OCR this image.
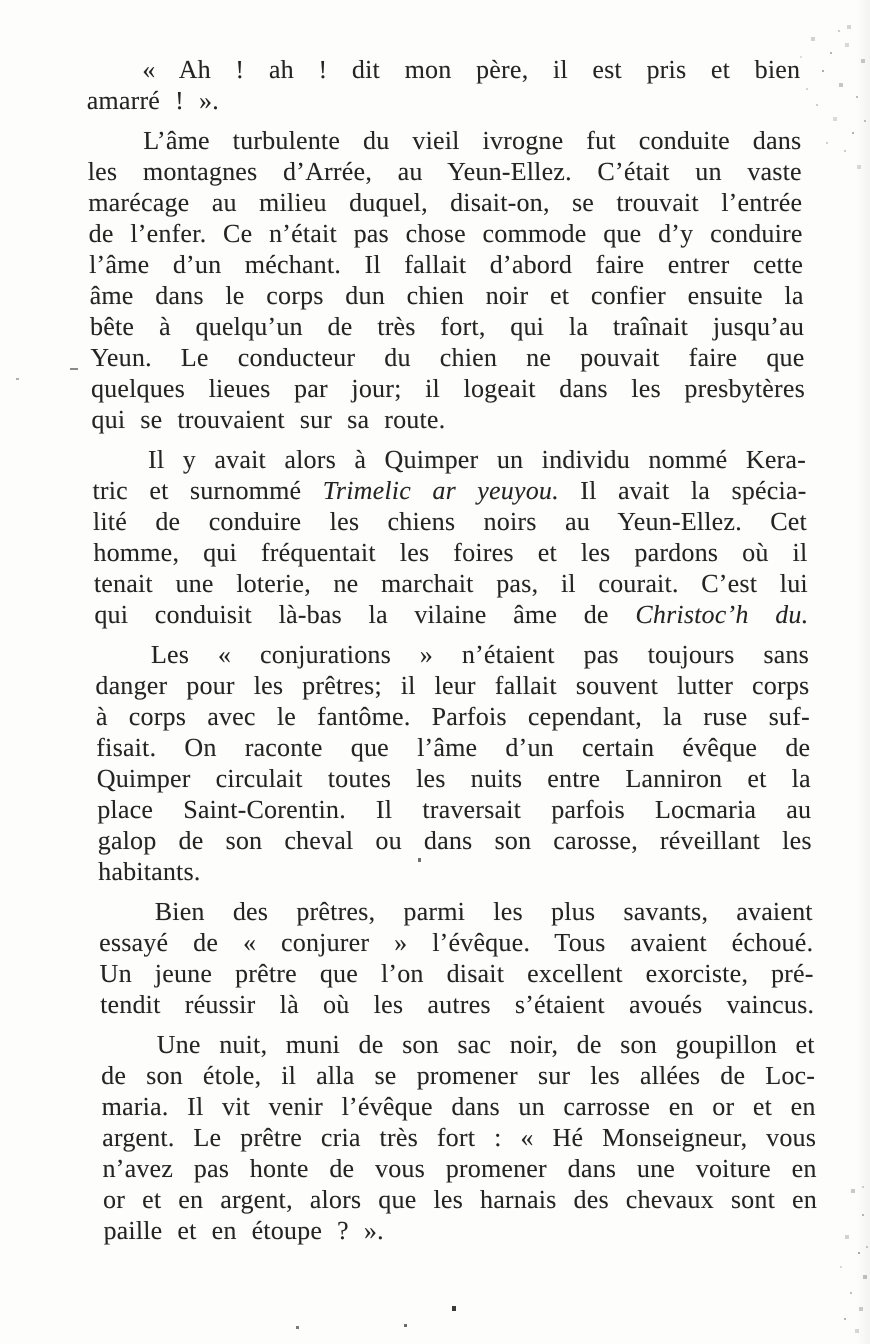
« Ah ! ah ! dit mon père, il est pris et bien
amarré ! ».
L’âme turbulente du vieil ivrogne fut conduite dans
les montagnes d’Arrée, au Yeun-Ellez. C’était un vaste
marécage au milieu duquel, disait-on, se trouvait l’entrée
de l’enfer. Ce n’était pas chose commode que d’y conduire
l’âme d’un méchant. Il fallait d’abord faire entrer cette
âme dans le corps dun chien noir et confier ensuite la
bête à quelqu’un de très fort, qui la traînait jusqu’au
Yeun. Le conducteur du chien ne pouvait faire que
quelques lieues par jour; il logeait dans les presbytères
qui se trouvaient sur sa route.
Il y avait alors à Quimper un individu nommé Kera-
tric et surnommé Trimelic ar yeuyou. Il avait la spécia-
lité de conduire les chiens noirs au Yeun-Ellez. Cet
homme, qui fréquentait les foires et les pardons où il
tenait une loterie, ne marchait pas, il courait. C’est lui
qui conduisit là-bas la vilaine âme de Christoc’h du.
Les « conjurations » n’étaient pas toujours sans
danger pour les prêtres; il leur fallait souvent lutter corps
à corps avec le fantôme. Parfois cependant, la ruse suf-
fisait. On raconte que l’âme d’un certain évêque de
Quimper circulait toutes les nuits entre Lanniron et la
place Saint-Corentin. Il traversait parfois Locmaria au
galop de son cheval ou dans son carosse, réveillant les
habitants.
Bien des prêtres, parmi les plus savants, avaient
essayé de « conjurer » l’évêque. Tous avaient échoué.
Un jeune prêtre que l’on disait excellent exorciste, pré-
tendit réussir là où les autres s’étaient avoués vaincus.
Une nuit, muni de son sac noir, de son goupillon et
de son étole, il alla se promener sur les allées de Loc-
maria. Il vit venir l’évêque dans un carrosse en or et en
argent. Le prêtre cria très fort : « Hé Monseigneur, vous
n’avez pas honte de vous promener dans une voiture en
or et en argent, alors que les harnais des chevaux sont en
paille et en étoupe ? ».
